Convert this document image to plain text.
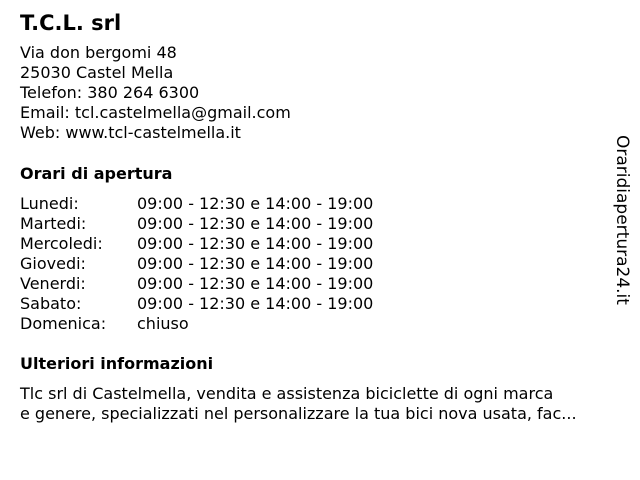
T.C.L. srl
Via don bergomi 48
25030 Castel Mella
Telefon: 380 264 6300
Email: tcl.castelmella@gmail.com
Web: www.tcl-castelmella.it
Orari di apertura
Lunedi:	09:00 - 12:30 e 14:00 - 19:00
Martedi:	09:00 - 12:30 e 14:00 - 19:00
Mercoledi:	09:00 - 12:30 e 14:00 - 19:00
Giovedi:	09:00 - 12:30 e 14:00 - 19:00
Venerdi:	09:00 - 12:30 e 14:00 - 19:00
Sabato:	09:00 - 12:30 e 14:00 - 19:00
Domenica:	chiuso
Ulteriori informazioni
Tlc srl di Castelmella, vendita e assistenza biciclette di ogni marca
e genere, specializzati nel personalizzare la tua bici nova usata, fac...
Oraridiapertura24.it
